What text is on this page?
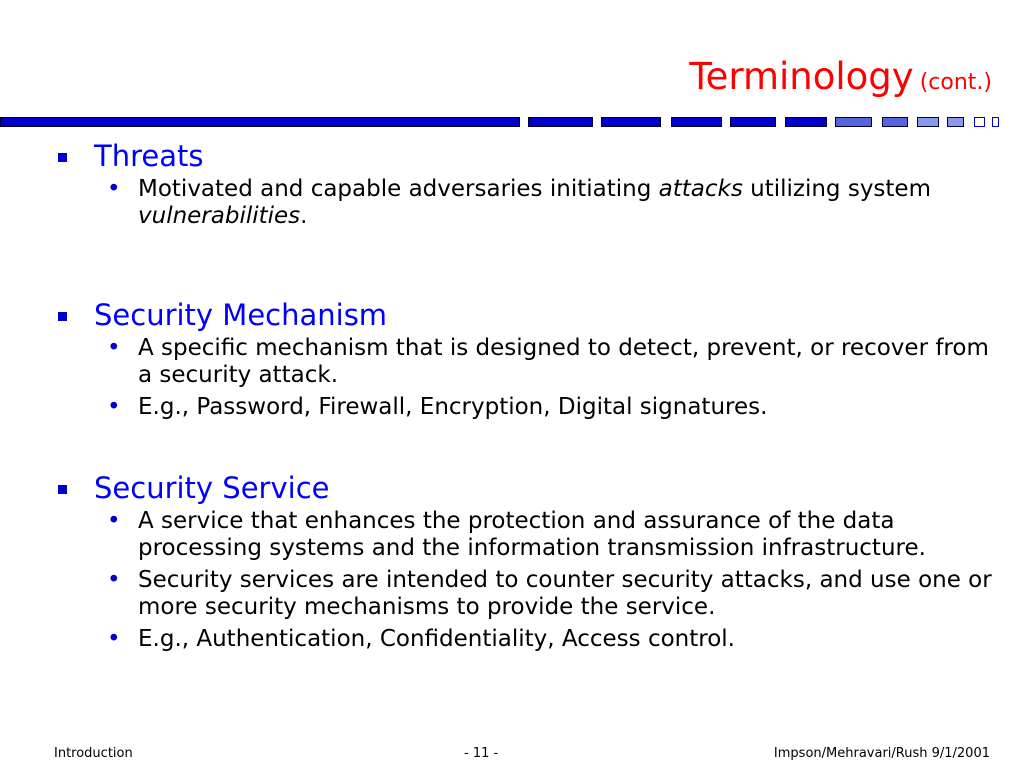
Terminology (cont.)
Threats
• Motivated and capable adversaries initiating attacks utilizing system vulnerabilities.
Security Mechanism
• A specific mechanism that is designed to detect, prevent, or recover from a security attack.
• E.g., Password, Firewall, Encryption, Digital signatures.
Security Service
• A service that enhances the protection and assurance of the data processing systems and the information transmission infrastructure.
• Security services are intended to counter security attacks, and use one or more security mechanisms to provide the service.
• E.g., Authentication, Confidentiality, Access control.
Introduction	- 11 -	Impson/Mehravari/Rush 9/1/2001
